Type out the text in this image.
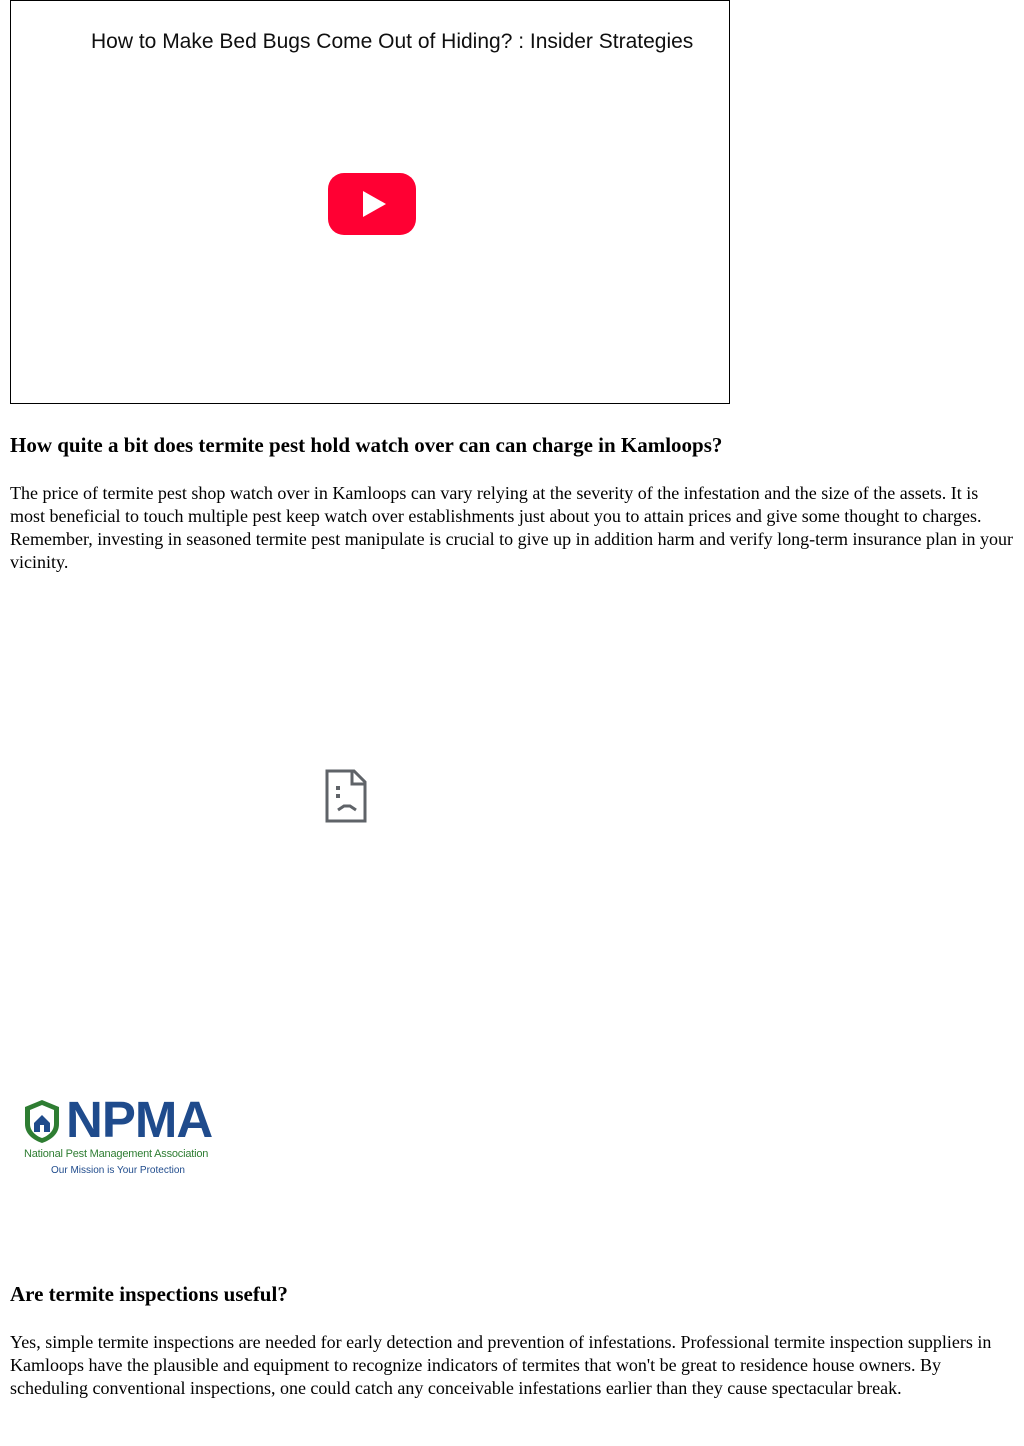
How to Make Bed Bugs Come Out of Hiding? : Insider Strategies
How quite a bit does termite pest hold watch over can can charge in Kamloops?

The price of termite pest shop watch over in Kamloops can vary relying at the severity of the infestation and the size of the assets. It is most beneficial to touch multiple pest keep watch over establishments just about you to attain prices and give some thought to charges. Remember, investing in seasoned termite pest manipulate is crucial to give up in addition harm and verify long-term insurance plan in your vicinity.

NPMA
National Pest Management Association
Our Mission is Your Protection
Are termite inspections useful?

Yes, simple termite inspections are needed for early detection and prevention of infestations. Professional termite inspection suppliers in Kamloops have the plausible and equipment to recognize indicators of termites that won't be great to residence house owners. By scheduling conventional inspections, one could catch any conceivable infestations earlier than they cause spectacular break.
